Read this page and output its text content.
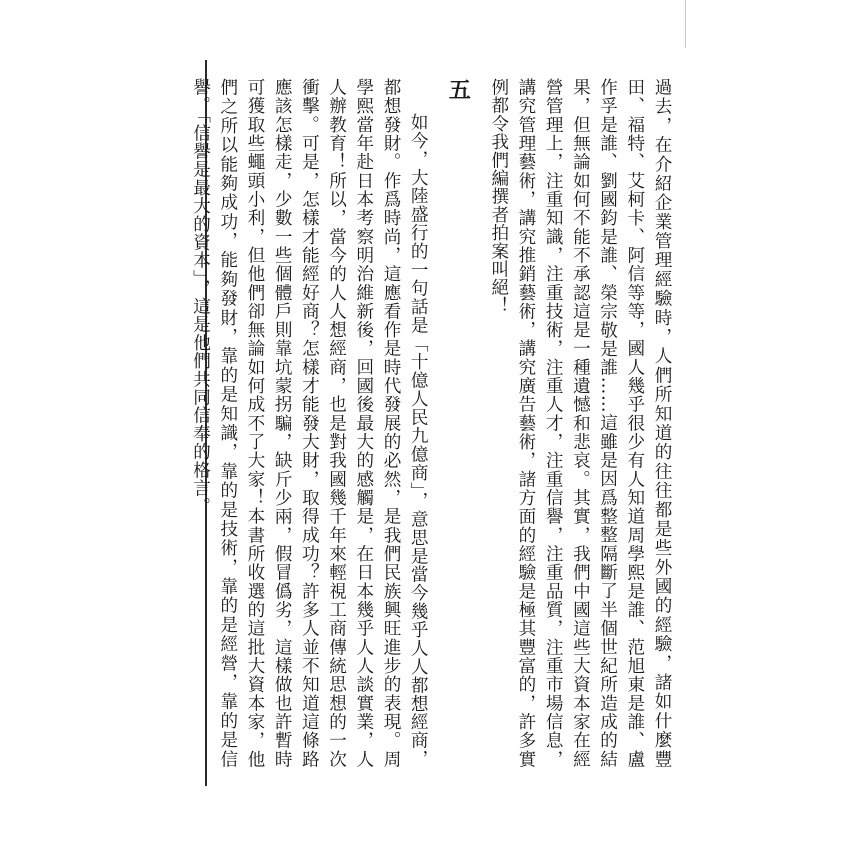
過去，在介紹企業管理經驗時，人們所知道的往往都是些外國的經驗，諸如什麼豐田、福特、艾柯卡、阿信等等，國人幾乎很少有人知道周學熙是誰、范旭東是誰、盧作孚是誰、劉國鈞是誰、榮宗敬是誰……這雖是因爲整整隔斷了半個世紀所造成的結果，但無論如何不能不承認這是一種遺憾和悲哀。其實，我們中國這些大資本家在經營管理上，注重知識，注重技術，注重人才，注重信譽，注重品質，注重市場信息，講究管理藝術，講究推銷藝術，講究廣告藝術，諸方面的經驗是極其豐富的，許多實例都令我們編撰者拍案叫絕！

五

如今，大陸盛行的一句話是「十億人民九億商」，意思是當今幾乎人人都想經商，都想發財。作爲時尚，這應看作是時代發展的必然，是我們民族興旺進步的表現。周學熙當年赴日本考察明治維新後，回國後最大的感觸是，在日本幾乎人人談實業，人人辦教育！所以，當今的人人想經商，也是對我國幾千年來輕視工商傳統思想的一次衝擊。可是，怎樣才能經好商？怎樣才能發大財，取得成功？許多人並不知道這條路應該怎樣走，少數一些個體戶則靠坑蒙拐騙，缺斤少兩，假冒僞劣，這樣做也許暫時可獲取些蠅頭小利，但他們卻無論如何成不了大家！本書所收選的這批大資本家，他們之所以能夠成功，能夠發財，靠的是知識，靠的是技術，靠的是經營，靠的是信譽。「信譽是最大的資本」，這是他們共同信奉的格言。
